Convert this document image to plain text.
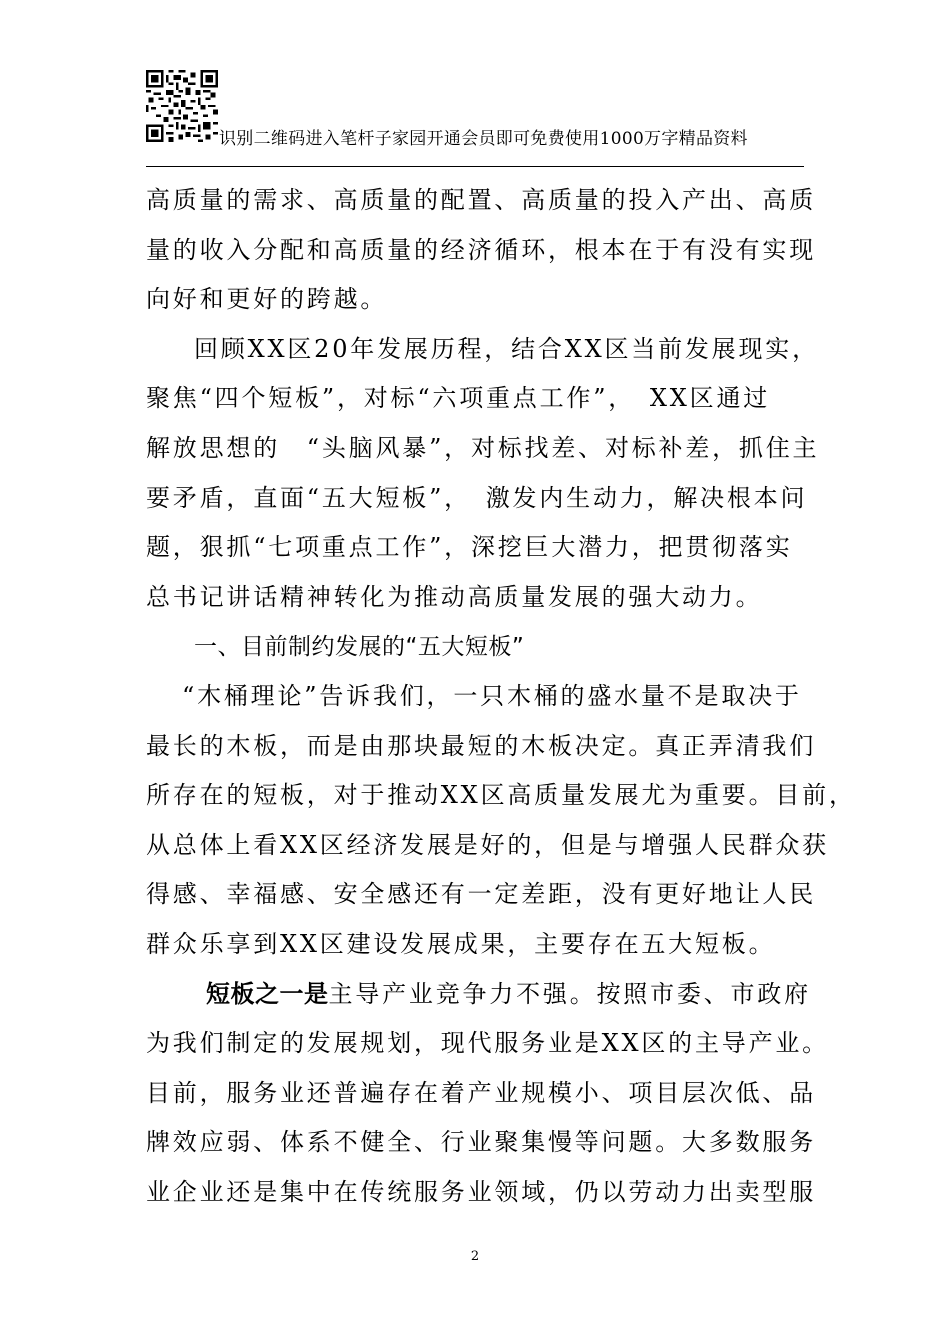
识别二维码进入笔杆子家园开通会员即可免费使用1000万字精品资料

高质量的需求、高质量的配置、高质量的投入产出、高质
量的收入分配和高质量的经济循环，根本在于有没有实现
向好和更好的跨越。

回顾XX区20年发展历程，结合XX区当前发展现实，
聚焦“四个短板”，对标“六项重点工作”，　XX区通过
解放思想的　“头脑风暴”，对标找差、对标补差，抓住主
要矛盾，直面“五大短板”，　激发内生动力，解决根本问
题，狠抓“七项重点工作”，深挖巨大潜力，把贯彻落实
总书记讲话精神转化为推动高质量发展的强大动力。

一、目前制约发展的“五大短板”

“木桶理论”告诉我们，一只木桶的盛水量不是取决于
最长的木板，而是由那块最短的木板决定。真正弄清我们
所存在的短板，对于推动XX区高质量发展尤为重要。目前，
从总体上看XX区经济发展是好的，但是与增强人民群众获
得感、幸福感、安全感还有一定差距，没有更好地让人民
群众乐享到XX区建设发展成果，主要存在五大短板。

短板之一是主导产业竞争力不强。按照市委、市政府
为我们制定的发展规划，现代服务业是XX区的主导产业。
目前，服务业还普遍存在着产业规模小、项目层次低、品
牌效应弱、体系不健全、行业聚集慢等问题。大多数服务
业企业还是集中在传统服务业领域，仍以劳动力出卖型服

2
